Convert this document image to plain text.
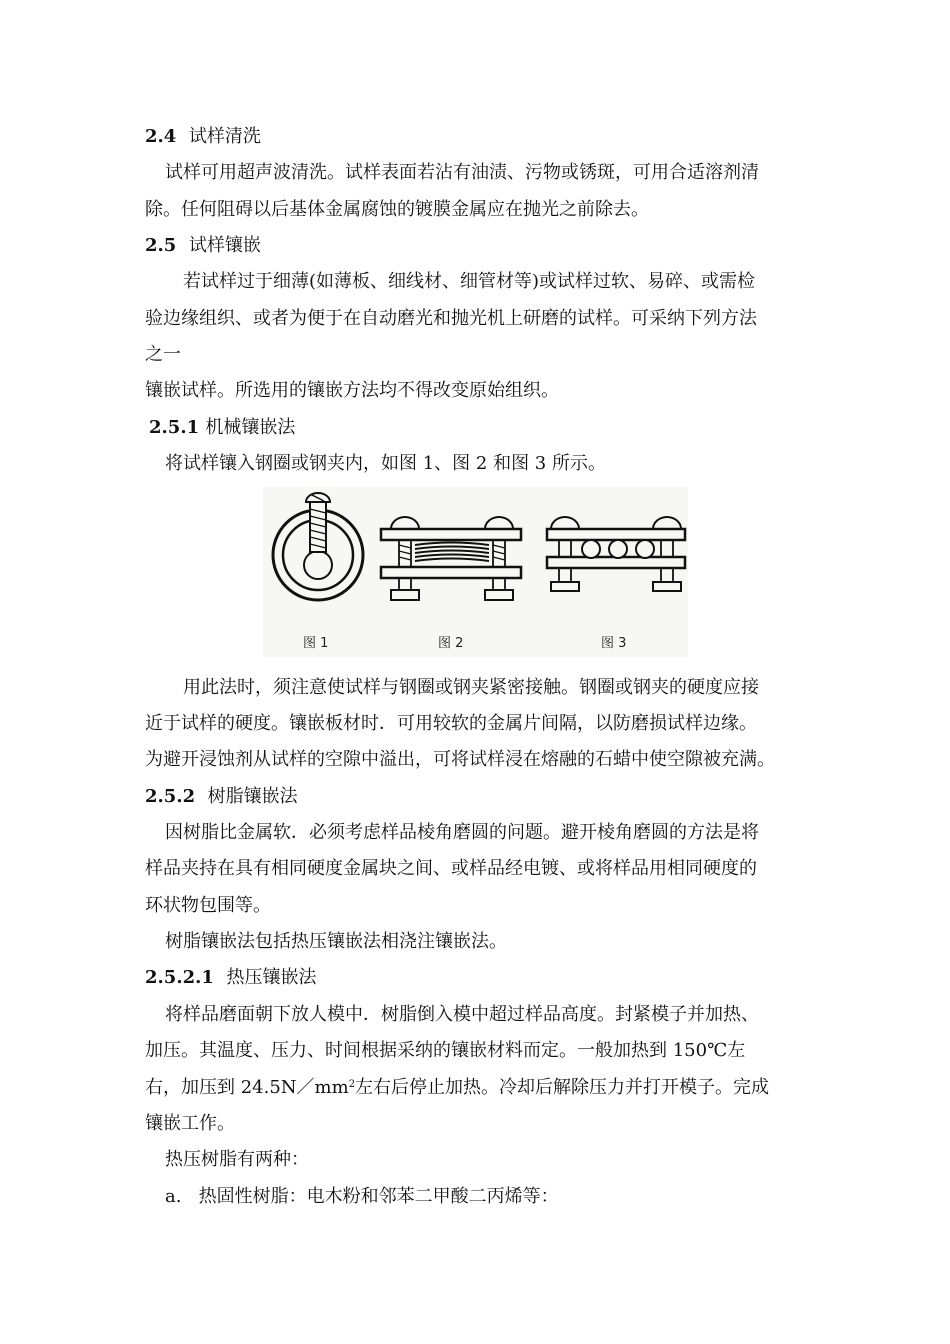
2.4 试样清洗
试样可用超声波清洗。试样表面若沾有油渍、污物或锈斑，可用合适溶剂清
除。任何阻碍以后基体金属腐蚀的镀膜金属应在抛光之前除去。
2.5 试样镶嵌
若试样过于细薄(如薄板、细线材、细管材等)或试样过软、易碎、或需检
验边缘组织、或者为便于在自动磨光和抛光机上研磨的试样。可采纳下列方法
之一
镶嵌试样。所选用的镶嵌方法均不得改变原始组织。
2.5.1 机械镶嵌法
将试样镶入钢圈或钢夹内，如图 1、图 2 和图 3 所示。
图 1	图 2	图 3
用此法时，须注意使试样与钢圈或钢夹紧密接触。钢圈或钢夹的硬度应接
近于试样的硬度。镶嵌板材时．可用较软的金属片间隔，以防磨损试样边缘。
为避开浸蚀剂从试样的空隙中溢出，可将试样浸在熔融的石蜡中使空隙被充满。
2.5.2 树脂镶嵌法
因树脂比金属软．必须考虑样品棱角磨圆的问题。避开棱角磨圆的方法是将
样品夹持在具有相同硬度金属块之间、或样品经电镀、或将样品用相同硬度的
环状物包围等。
树脂镶嵌法包括热压镶嵌法相浇注镶嵌法。
2.5.2.1 热压镶嵌法
将样品磨面朝下放人模中．树脂倒入模中超过样品高度。封紧模子并加热、
加压。其温度、压力、时间根据采纳的镶嵌材料而定。一般加热到 150℃左
右，加压到 $24.5N/mm^2$左右后停止加热。冷却后解除压力并打开模子。完成
镶嵌工作。
热压树脂有两种：
a. 热固性树脂：电木粉和邻苯二甲酸二丙烯等：
